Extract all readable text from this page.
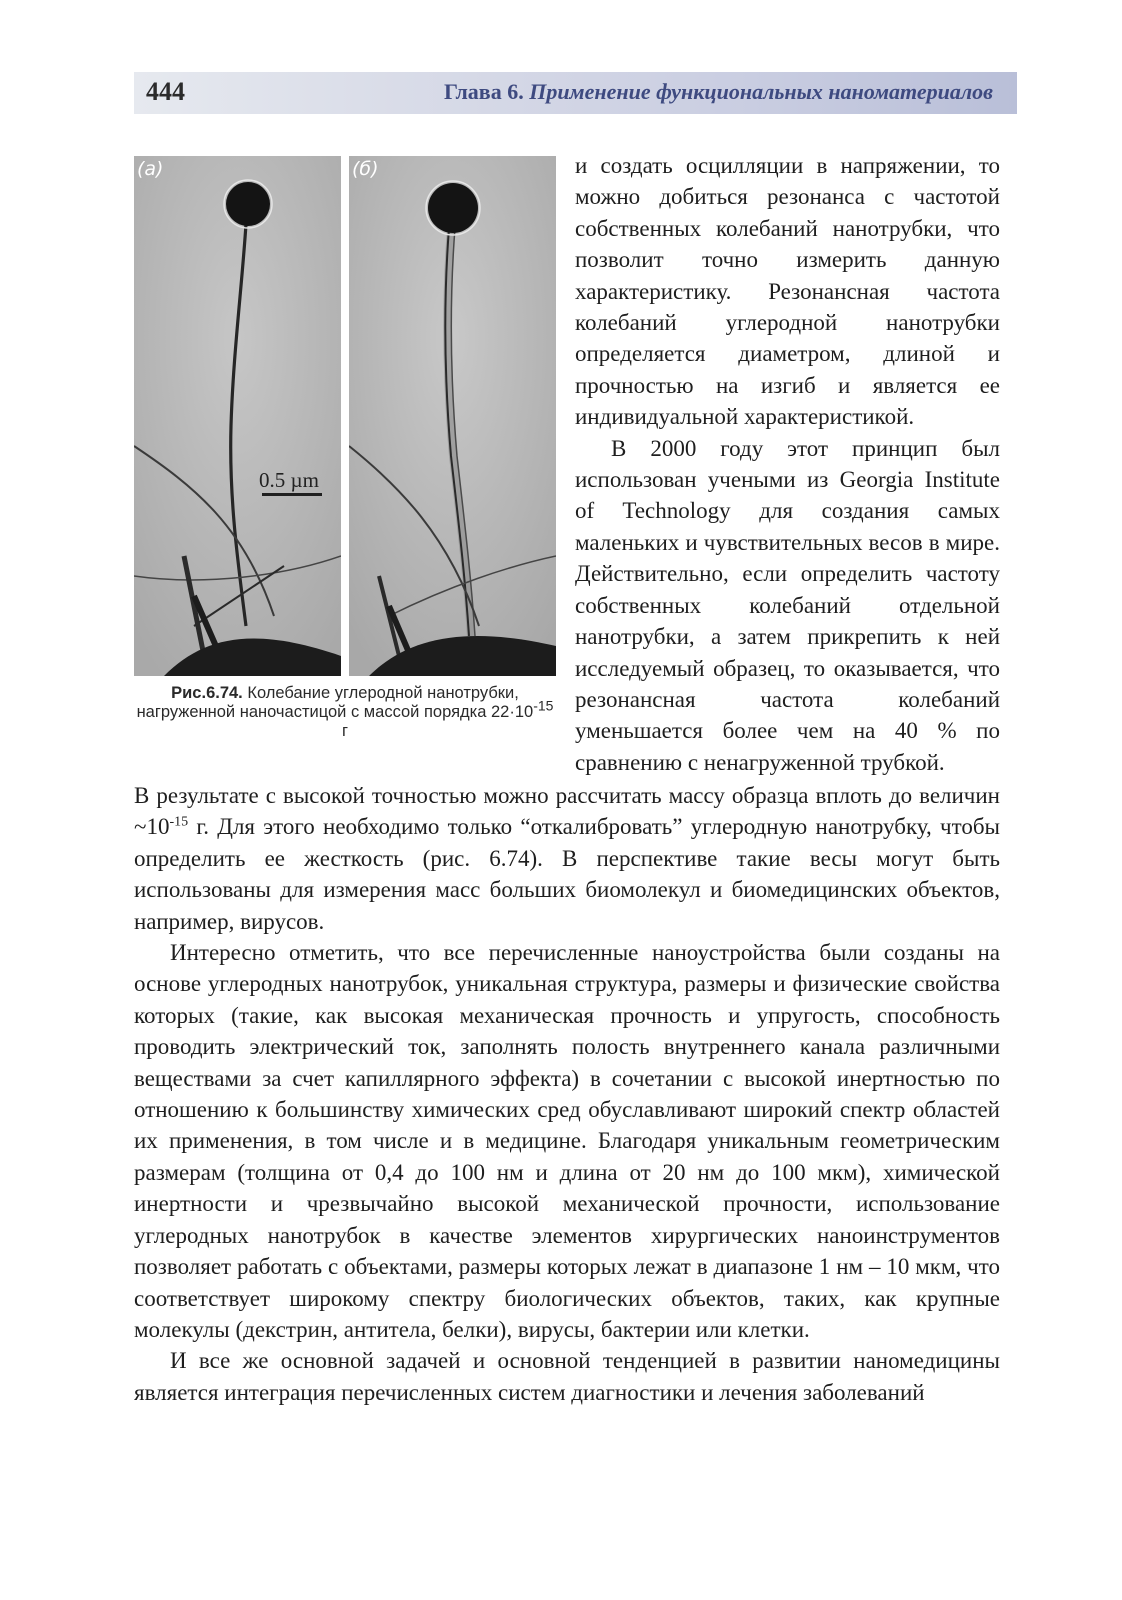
444	Глава 6. Применение функциональных наноматериалов
(а)
0.5 µm
(б)
Рис.6.74. Колебание углеродной нанотрубки, нагруженной наночастицой с массой порядка $22\cdot 10^{-15}$ г

и создать осцилляции в напряжении, то можно добиться резонанса с частотой собственных колебаний нанотрубки, что позволит точно измерить данную характеристику. Резонансная частота колебаний углеродной нанотрубки определяется диаметром, длиной и прочностью на изгиб и является ее индивидуальной характеристикой.

В 2000 году этот принцип был использован учеными из Georgia Institute of Technology для создания самых маленьких и чувствительных весов в мире. Действительно, если определить частоту собственных колебаний отдельной нанотрубки, а затем прикрепить к ней исследуемый образец, то оказывается, что резонансная частота колебаний уменьшается более чем на 40 % по сравнению с ненагруженной трубкой.

В результате с высокой точностью можно рассчитать массу образца вплоть до величин $\sim 10^{-15}$ г. Для этого необходимо только “откалибровать” углеродную нанотрубку, чтобы определить ее жесткость (рис. 6.74). В перспективе такие весы могут быть использованы для измерения масс больших биомолекул и биомедицинских объектов, например, вирусов.

Интересно отметить, что все перечисленные наноустройства были созданы на основе углеродных нанотрубок, уникальная структура, размеры и физические свойства которых (такие, как высокая механическая прочность и упругость, способность проводить электрический ток, заполнять полость внутреннего канала различными веществами за счет капиллярного эффекта) в сочетании с высокой инертностью по отношению к большинству химических сред обуславливают широкий спектр областей их применения, в том числе и в медицине. Благодаря уникальным геометрическим размерам (толщина от 0,4 до 100 нм и длина от 20 нм до 100 мкм), химической инертности и чрезвычайно высокой механической прочности, использование углеродных нанотрубок в качестве элементов хирургических наноинструментов позволяет работать с объектами, размеры которых лежат в диапазоне 1 нм – 10 мкм, что соответствует широкому спектру биологических объектов, таких, как крупные молекулы (декстрин, антитела, белки), вирусы, бактерии или клетки.

И все же основной задачей и основной тенденцией в развитии наномедицины является интеграция перечисленных систем диагностики и лечения заболеваний
